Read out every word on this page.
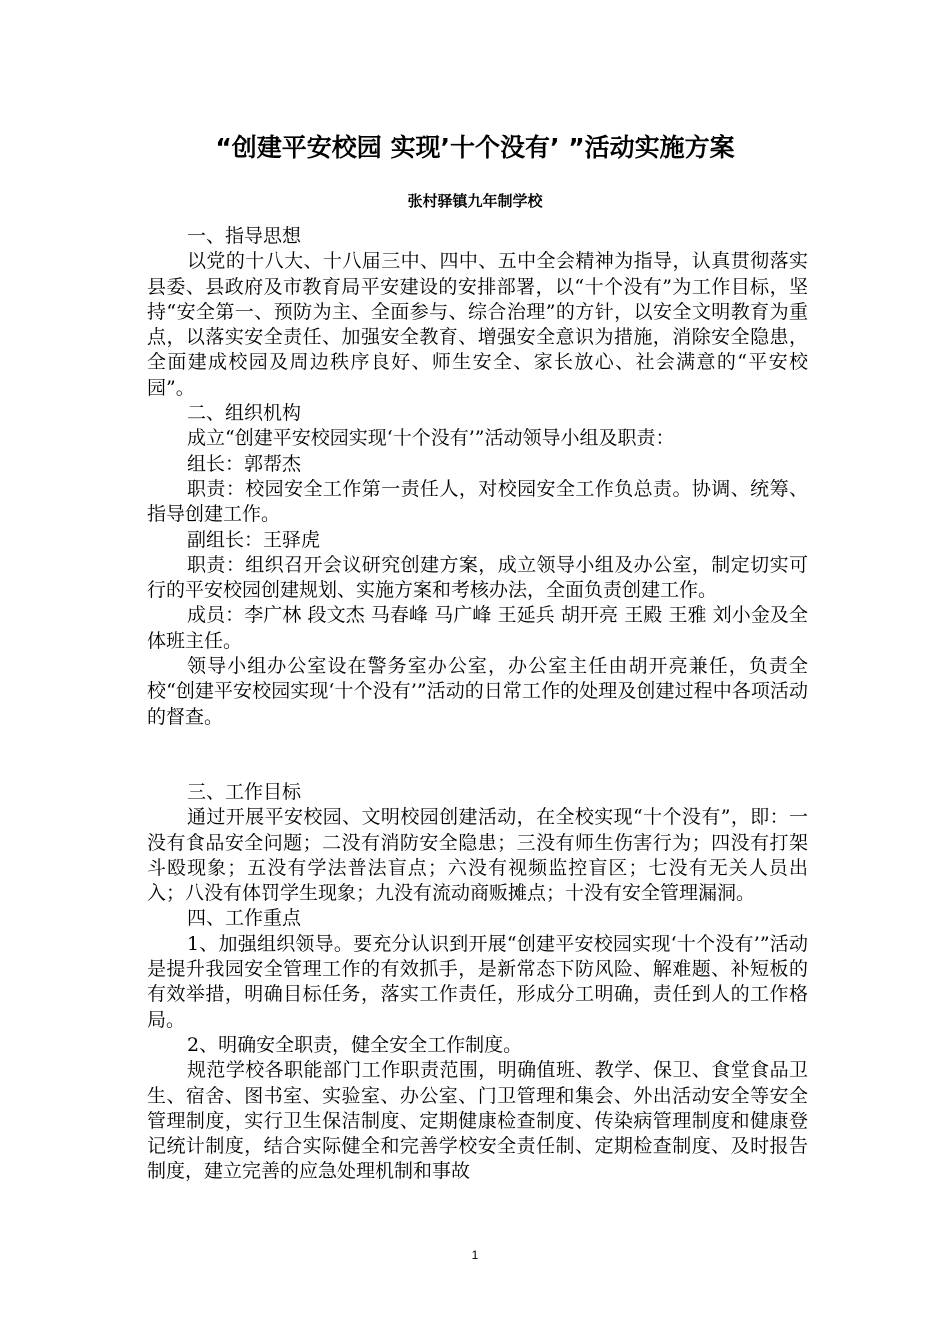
“创建平安校园 实现’十个没有’ ”活动实施方案
张村驿镇九年制学校

一、指导思想

以党的十八大、十八届三中、四中、五中全会精神为指导，认真贯彻落实县委、县政府及市教育局平安建设的安排部署，以“十个没有”为工作目标，坚持“安全第一、预防为主、全面参与、综合治理”的方针，以安全文明教育为重点，以落实安全责任、加强安全教育、增强安全意识为措施，消除安全隐患，全面建成校园及周边秩序良好、师生安全、家长放心、社会满意的“平安校园”。

二、组织机构

成立“创建平安校园实现‘十个没有’”活动领导小组及职责：

组长：郭帮杰

职责：校园安全工作第一责任人，对校园安全工作负总责。协调、统筹、指导创建工作。

副组长：王驿虎

职责：组织召开会议研究创建方案，成立领导小组及办公室，制定切实可行的平安校园创建规划、实施方案和考核办法，全面负责创建工作。

成员：李广林 段文杰 马春峰 马广峰 王延兵 胡开亮 王殿 王雅 刘小金及全体班主任。

领导小组办公室设在警务室办公室，办公室主任由胡开亮兼任，负责全校“创建平安校园实现‘十个没有’”活动的日常工作的处理及创建过程中各项活动的督查。

三、工作目标

通过开展平安校园、文明校园创建活动，在全校实现“十个没有”，即：一没有食品安全问题；二没有消防安全隐患；三没有师生伤害行为；四没有打架斗殴现象；五没有学法普法盲点；六没有视频监控盲区；七没有无关人员出入；八没有体罚学生现象；九没有流动商贩摊点；十没有安全管理漏洞。

四、工作重点

1、加强组织领导。要充分认识到开展“创建平安校园实现‘十个没有’”活动是提升我园安全管理工作的有效抓手，是新常态下防风险、解难题、补短板的有效举措，明确目标任务，落实工作责任，形成分工明确，责任到人的工作格局。

2、明确安全职责，健全安全工作制度。

规范学校各职能部门工作职责范围，明确值班、教学、保卫、食堂食品卫生、宿舍、图书室、实验室、办公室、门卫管理和集会、外出活动安全等安全管理制度，实行卫生保洁制度、定期健康检查制度、传染病管理制度和健康登记统计制度，结合实际健全和完善学校安全责任制、定期检查制度、及时报告制度，建立完善的应急处理机制和事故

1
